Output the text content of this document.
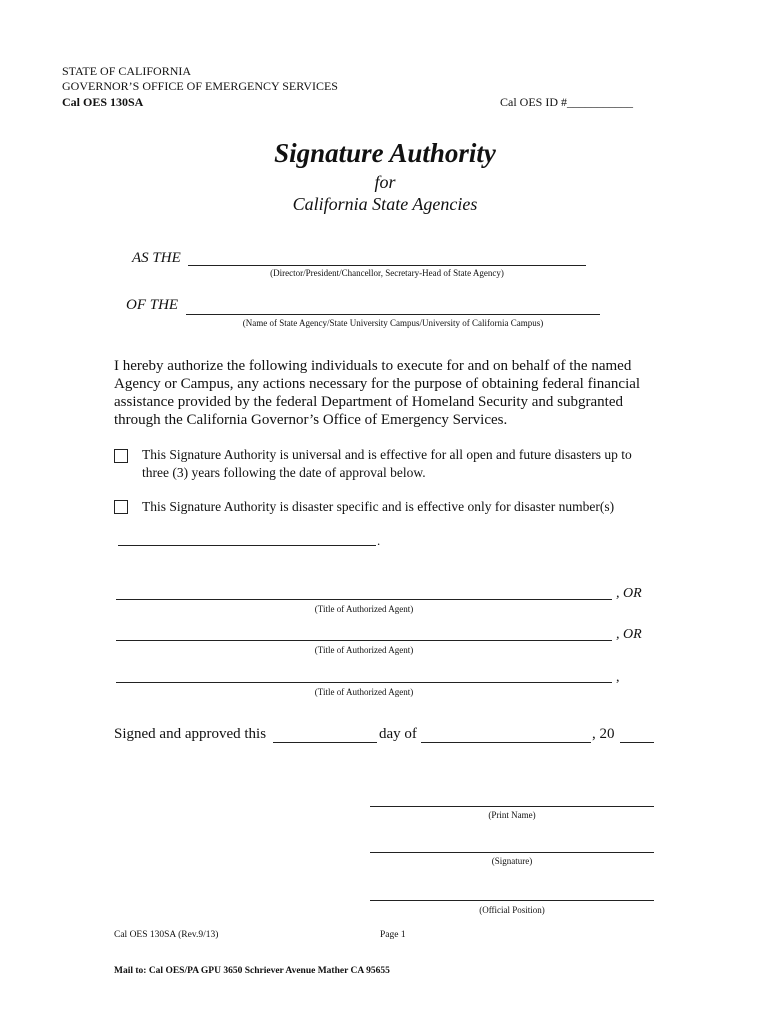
STATE OF CALIFORNIA
GOVERNOR’S OFFICE OF EMERGENCY SERVICES
Cal OES 130SA	Cal OES ID #___________
Signature Authority
for
California State Agencies
AS THE
(Director/President/Chancellor, Secretary-Head of State Agency)
OF THE
(Name of State Agency/State University Campus/University of California Campus)
I hereby authorize the following individuals to execute for and on behalf of the named
Agency or Campus, any actions necessary for the purpose of obtaining federal financial
assistance provided by the federal Department of Homeland Security and subgranted
through the California Governor’s Office of Emergency Services.
This Signature Authority is universal and is effective for all open and future disasters up to
three (3) years following the date of approval below.
This Signature Authority is disaster specific and is effective only for disaster number(s)
.
, OR
(Title of Authorized Agent)
, OR
(Title of Authorized Agent)
,
(Title of Authorized Agent)
Signed and approved this	day of	, 20
(Print Name)
(Signature)
(Official Position)
Cal OES 130SA (Rev.9/13)	Page 1
Mail to: Cal OES/PA GPU 3650 Schriever Avenue Mather CA 95655
